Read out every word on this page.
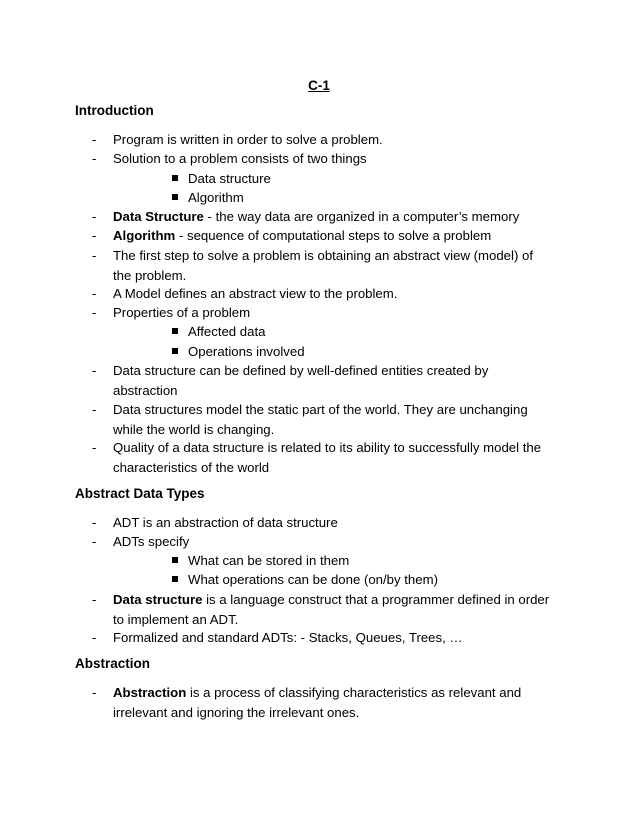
C-1
Introduction
- Program is written in order to solve a problem.
- Solution to a problem consists of two things
Data structure
Algorithm
- Data Structure - the way data are organized in a computer’s memory
- Algorithm - sequence of computational steps to solve a problem
- The first step to solve a problem is obtaining an abstract view (model) of
the problem.
- A Model defines an abstract view to the problem.
- Properties of a problem
Affected data
Operations involved
- Data structure can be defined by well-defined entities created by
abstraction
- Data structures model the static part of the world. They are unchanging
while the world is changing.
- Quality of a data structure is related to its ability to successfully model the
characteristics of the world
Abstract Data Types
- ADT is an abstraction of data structure
- ADTs specify
What can be stored in them
What operations can be done (on/by them)
- Data structure is a language construct that a programmer defined in order
to implement an ADT.
- Formalized and standard ADTs: - Stacks, Queues, Trees, …
Abstraction
- Abstraction is a process of classifying characteristics as relevant and
irrelevant and ignoring the irrelevant ones.
